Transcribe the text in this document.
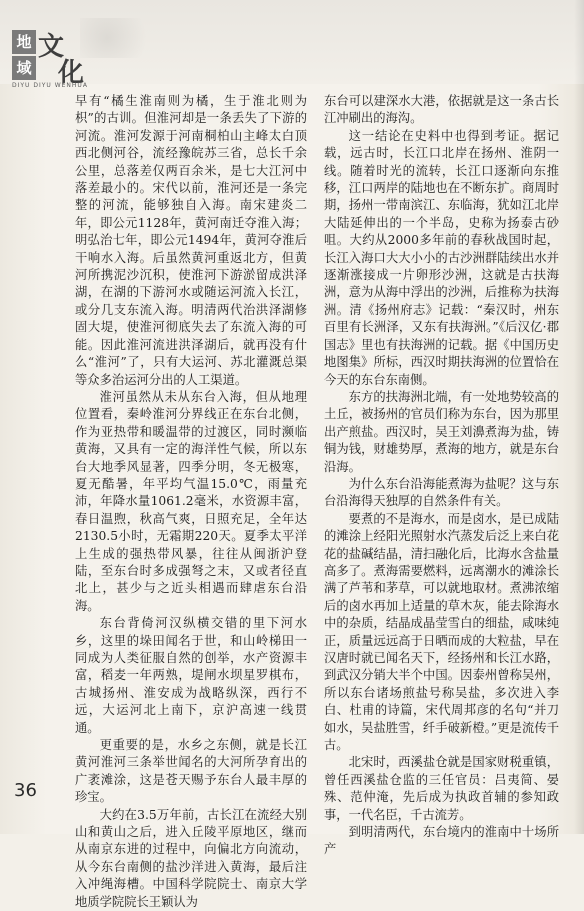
地
域
文
化
DIYU DIYU WENHUA

早有“橘生淮南则为橘，生于淮北则为枳”的古训。但淮河却是一条丢失了下游的河流。淮河发源于河南桐柏山主峰太白顶西北侧河谷，流经豫皖苏三省，总长千余公里，总落差仅两百余米，是七大江河中落差最小的。宋代以前，淮河还是一条完整的河流，能够独自入海。南宋建炎二年，即公元1128年，黄河南迁夺淮入海；明弘治七年，即公元1494年，黄河夺淮后干响水入海。后虽然黄河重返北方，但黄河所携泥沙沉积，使淮河下游淤留成洪泽湖，在湖的下游河水或随运河流入长江，或分几支东流入海。明清两代治洪泽湖修固大堤，使淮河彻底失去了东流入海的可能。因此淮河流进洪泽湖后，就再没有什么“淮河”了，只有大运河、苏北灌溉总渠等众多治运河分出的人工渠道。

淮河虽然从未从东台入海，但从地理位置看，秦岭淮河分界线正在东台北侧，作为亚热带和暖温带的过渡区，同时濒临黄海，又具有一定的海洋性气候，所以东台大地季风显著，四季分明，冬无极寒，夏无酷暑，年平均气温15.0℃，雨量充沛，年降水量1061.2毫米，水资源丰富，春日温煦，秋高气爽，日照充足，全年达2130.5小时，无霜期220天。夏季太平洋上生成的强热带风暴，往往从闽浙沪登陆，至东台时多成强弩之末，又或者径直北上，甚少与之近头相遇而肆虐东台沿海。

东台背倚河汉纵横交错的里下河水乡，这里的垛田闻名于世，和山岭梯田一同成为人类征服自然的创举，水产资源丰富，稻麦一年两熟，堤闸水坝星罗棋布，古城扬州、淮安成为战略纵深，西行不远，大运河北上南下，京沪高速一线贯通。

更重要的是，水乡之东侧，就是长江黄河淮河三条举世闻名的大河所孕育出的广袤滩涂，这是苍天赐予东台人最丰厚的珍宝。

大约在3.5万年前，古长江在流经大别山和黄山之后，进入丘陵平原地区，继而从南京东进的过程中，向偏北方向流动，从今东台南侧的盐沙洋进入黄海，最后注入冲绳海槽。中国科学院院士、南京大学地质学院院长王颖认为

东台可以建深水大港，依据就是这一条古长江冲刷出的海沟。

这一结论在史料中也得到考证。据记载，远古时，长江口北岸在扬州、淮阴一线。随着时光的流转，长江口逐渐向东推移，江口两岸的陆地也在不断东扩。商周时期，扬州一带南滨江、东临海，犹如江北岸大陆延伸出的一个半岛，史称为扬泰古砂咀。大约从2000多年前的春秋战国时起，长江入海口大大小小的古沙洲群陆续出水并逐渐涨接成一片卵形沙洲，这就是古扶海洲，意为从海中浮出的沙洲，后推称为扶海洲。清《扬州府志》记载：“秦汉时，州东百里有长洲泽，又东有扶海洲。”《后汉亿·郡国志》里也有扶海洲的记载。据《中国历史地图集》所标，西汉时期扶海洲的位置恰在今天的东台东南侧。

东方的扶海洲北端，有一处地势较高的土丘，被扬州的官员们称为东台，因为那里出产煎盐。西汉时，吴王刘濞煮海为盐，铸铜为钱，财雄势厚，煮海的地方，就是东台沿海。

为什么东台沿海能煮海为盐呢？这与东台沿海得天独厚的自然条件有关。

要煮的不是海水，而是卤水，是已成陆的滩涂上经阳光照射水汽蒸发后泛上来白花花的盐碱结晶，清扫融化后，比海水含盐量高多了。煮海需要燃料，远离潮水的滩涂长满了芦苇和茅草，可以就地取材。煮沸浓缩后的卤水再加上适量的草木灰，能去除海水中的杂质，结晶成晶莹雪白的细盐，咸味纯正，质量远远高于日晒而成的大粒盐，早在汉唐时就已闻名天下，经扬州和长江水路，到武汉分销大半个中国。因泰州曾称吴州，所以东台诸场煎盐号称吴盐，多次进入李白、杜甫的诗篇，宋代周邦彦的名句“并刀如水，吴盐胜雪，纤手破新橙。”更是流传千古。

北宋时，西溪盐仓就是国家财税重镇，曾任西溪盐仓监的三任官员：吕夷简、晏殊、范仲淹，先后成为执政首辅的参知政事，一代名臣，千古流芳。

到明清两代，东台境内的淮南中十场所产

36
